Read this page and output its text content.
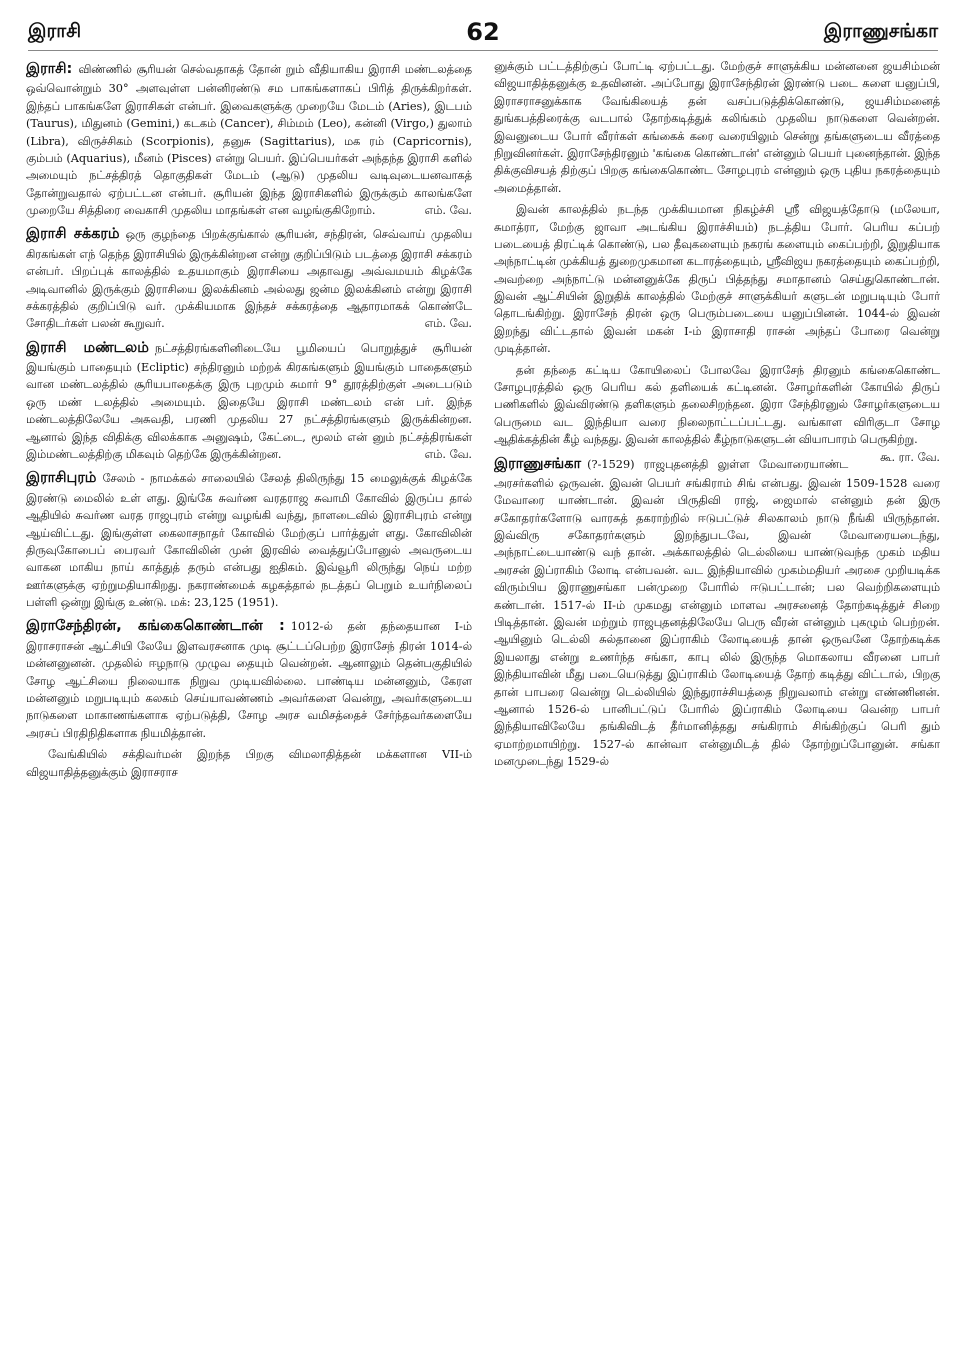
இராசி	62	இராணுசங்கா

இராசி: விண்ணில் சூரியன் செல்வதாகத் தோன் றும் வீதியாகிய இராசி மண்டலத்தை ஒவ்வொன்றும் 30° அளவுள்ள பன்னிரண்டு சம பாகங்களாகப் பிரித் திருக்கிறர்கள். இந்தப் பாகங்களே இராசிகள் என்பர். இவைகளுக்கு முறையே மேடம் (Aries), இடபம் (Taurus), மிதுனம் (Gemini,) கடகம் (Cancer), சிம்மம் (Leo), கன்னி (Virgo,) துலாம் (Libra), விருச்சிகம் (Scorpionis), தனுசு (Sagittarius), மக ரம் (Capricornis), கும்பம் (Aquarius), மீனம் (Pisces) என்று பெயர். இப்பெயர்கள் அந்தந்த இராசி களில் அமையும் நட்சத்திரத் தொகுதிகள் மேடம் (ஆடு) முதலிய வடிவுடையனவாகத் தோன்றுவதால் ஏற்பட்டன என்பர். சூரியன் இந்த இராசிகளில் இருக்கும் காலங்களே முறையே சித்திரை வைகாசி முதலிய மாதங்கள் என வழங்குகிறோம்.	எம். வே.

இராசி சக்கரம் ஒரு குழந்தை பிறக்குங்கால் சூரியன், சந்திரன், செவ்வாய் முதலிய கிரகங்கள் எந் தெந்த இராசியில் இருக்கின்றன என்று குறிப்பிடும் படத்தை இராசி சக்கரம் என்பர். பிறப்புக் காலத்தில் உதயமாகும் இராசியை அதாவது அவ்வமயம் கிழக்கே அடிவானில் இருக்கும் இராசியை இலக்கினம் அல்லது ஜன்ம இலக்கினம் என்று இராசி சக்கரத்தில் குறிப்பிடு வர். முக்கியமாக இந்தச் சக்கரத்தை ஆதாரமாகக் கொண்டே சோதிடர்கள் பலன் கூறுவர்.	எம். வே.

இராசி மண்டலம் நட்சத்திரங்களினிடையே பூமியைப் பொறுத்துச் சூரியன் இயங்கும் பாதையும் (Ecliptic) சந்திரனும் மற்றக் கிரகங்களும் இயங்கும் பாதைகளும் வான மண்டலத்தில் சூரியபாதைக்கு இரு புறமும் சுமார் 9° தூரத்திற்குள் அடைபடும் ஒரு மண் டலத்தில் அமையும். இதையே இராசி மண்டலம் என் பர். இந்த மண்டலத்திலேயே அசுவதி, பரணி முதலிய 27 நட்சத்திரங்களும் இருக்கின்றன. ஆனால் இந்த விதிக்கு விலக்காக அனுஷம், கேட்டை, மூலம் என் னும் நட்சத்திரங்கள் இம்மண்டலத்திற்கு மிகவும் தெற்கே இருக்கின்றன.	எம். வே.

இராசிபுரம் சேலம் - நாமக்கல் சாலையில் சேலத் திலிருந்து 15 மைலுக்குக் கிழக்கே இரண்டு மைலில் உள் ளது. இங்கே சுவர்ண வரதராஜ சுவாமி கோவில் இருப்ப தால் ஆதியில் சுவர்ண வரத ராஜபுரம் என்று வழங்கி வந்து, நாளடைவில் இராசிபுரம் என்று ஆய்விட்டது. இங்குள்ள கைலாசநாதர் கோவில் மேற்குப் பார்த்துள் ளது. கோவிலின் திருவுகோபைப் பைரவர் கோவிலின் முன் இரவில் வைத்துப்போனுல் அவருடைய வாகன மாகிய நாய் காத்துத் தரும் என்பது ஐதிகம். இவ்வூரி லிருந்து நெய் மற்ற ஊர்களுக்கு ஏற்றுமதியாகிறது. நகராண்மைக் கழகத்தால் நடத்தப் பெறும் உயர்நிலைப் பள்ளி ஒன்று இங்கு உண்டு. மக்: 23,125 (1951).

இராசேந்திரன், கங்கைகொண்டான் : 1012-ல் தன் தந்தையான I-ம் இராசராசன் ஆட்சியி லேயே இளவரசனாக முடி சூட்டப்பெற்ற இராசேந் திரன் 1014-ல் மன்னனுனன். முதலில் ஈழநாடு முழுவ தையும் வென்றன். ஆனாலும் தென்பகுதியில் சோழ ஆட்சியை நிலையாக நிறுவ முடியவில்லை. பாண்டிய மன்னனும், கேரள மன்னனும் மறுபடியும் கலகம் செய்யாவண்ணம் அவர்களை வென்று, அவர்களுடைய நாடுகளை மாகாணங்களாக ஏற்படுத்தி, சோழ அரச வமிசத்தைச் சேர்ந்தவர்களையே அரசப் பிரதிநிதிகளாக நியமித்தான்.

வேங்கியில் சக்திவர்மன் இறந்த பிறகு விமலாதித்தன் மக்களான VII-ம் விஜயாதித்தனுக்கும் இராசராச

னுக்கும் பட்டத்திற்குப் போட்டி ஏற்பட்டது. மேற்குச் சாளுக்கிய மன்னனை ஜயசிம்மன் விஜயாதித்தனுக்கு உதவினன். அப்போது இராசேந்திரன் இரண்டு படை களை யனுப்பி, இராசராசனுக்காக வேங்கியைத் தன் வசப்படுத்திக்கொண்டு, ஜயசிம்மனைத் துங்கபத்திரைக்கு வடபால் தோற்கடித்துக் கலிங்கம் முதலிய நாடுகளை வென்றன். இவனுடைய போர் வீரர்கள் கங்கைக் கரை வரையிலும் சென்று தங்களுடைய வீரத்தை நிறுவினர்கள். இராசேந்திரனும் 'கங்கை கொண்டான்' என்னும் பெயர் புனைந்தான். இந்த திக்குவிசயத் திற்குப் பிறகு கங்கைகொண்ட சோழபுரம் என்னும் ஒரு புதிய நகரத்தையும் அமைத்தான்.

இவன் காலத்தில் நடந்த முக்கியமான நிகழ்ச்சி ஸ்ரீ விஜயத்தோடு (மலேயா, சுமாத்ரா, மேற்கு ஜாவா அடங்கிய இராச்சியம்) நடத்திய போர். பெரிய கப்பற் படையைத் திரட்டிக் கொண்டு, பல தீவுகளையும் நகரங் களையும் கைப்பற்றி, இறுதியாக அந்நாட்டின் முக்கியத் துறைமுகமான கடாரத்தையும், ஸ்ரீவிஜய நகரத்தையும் கைப்பற்றி, அவற்றை அந்நாட்டு மன்னனுக்கே திருப் பித்தந்து சமாதானம் செய்துகொண்டான். இவன் ஆட்சியின் இறுதிக் காலத்தில் மேற்குச் சாளுக்கியர் களுடன் மறுபடியும் போர் தொடங்கிற்று. இராசேந் திரன் ஒரு பெரும்படையை யனுப்பினன். 1044-ல் இவன் இறந்து விட்டதால் இவன் மகன் I-ம் இராசாதி ராசன் அந்தப் போரை வென்று முடித்தான்.

தன் தந்தை கட்டிய கோயிலைப் போலவே இராசேந் திரனும் கங்கைகொண்ட சோழபுரத்தில் ஒரு பெரிய கல் தளியைக் கட்டினன். சோழர்களின் கோயில் திருப் பணிகளில் இவ்விரண்டு தளிகளும் தலைசிறந்தன. இரா சேந்திரனுல் சோழர்களுடைய பெருமை வட இந்தியா வரை நிலைநாட்டப்பட்டது. வங்காள விரிகுடா சோழ ஆதிக்கத்தின் கீழ் வந்தது. இவன் காலத்தில் கீழ்நாடுகளுடன் வியாபாரம் பெருகிற்று.
கூ. ரா. வே.

இராணுசங்கா (?-1529) ராஜபுதனத்தி லுள்ள மேவாரையாண்ட அரசர்களில் ஒருவன். இவன் பெயர் சங்கிராம் சிங் என்பது. இவன் 1509-1528 வரை மேவாரை யாண்டான். இவன் பிருதிவி ராஜ், ஜைமால் என்னும் தன் இரு சகோதரர்களோடு வாரசுத் தகராற்றில் ஈடுபட்டுச் சிலகாலம் நாடு நீங்கி யிருந்தான். இவ்விரு சகோதரர்களும் இறந்துபடவே, இவன் மேவாரையடைந்து, அந்நாட்டையாண்டு வந் தான். அக்காலத்தில் டெல்லியை யாண்டுவந்த முகம் மதிய அரசன் இப்ராகிம் லோடி என்பவன். வட இந்தியாவில் முகம்மதியர் அரசை முறியடிக்க விரும்பிய இராணுசங்கா பன்முறை போரில் ஈடுபட்டான்; பல வெற்றிகளையும் கண்டான். 1517-ல் II-ம் முகமது என்னும் மாளவ அரசனைத் தோற்கடித்துச் சிறை பிடித்தான். இவன் மற்றும் ராஜபுதனத்திலேயே பெரு வீரன் என்னும் புகழும் பெற்றன். ஆயினும் டெல்லி சுல்தானை இப்ராகிம் லோடியைத் தான் ஒருவனே தோற்கடிக்க இயலாது என்று உணர்ந்த சங்கா, காபு லில் இருந்த மொகலாய வீரனை பாபர் இந்தியாவின் மீது படையெடுத்து இப்ராகிம் லோடியைத் தோற் கடித்து விட்டால், பிறகு தான் பாபரை வென்று டெல்லியில் இந்துராச்சியத்தை நிறுவலாம் என்று எண்ணினன். ஆனால் 1526-ல் பானிபட்டுப் போரில் இப்ராகிம் லோடியை வென்ற பாபர் இந்தியாவிலேயே தங்கிவிடத் தீர்மானித்தது சங்கிராம் சிங்கிற்குப் பெரி தும் ஏமாற்றமாயிற்று. 1527-ல் கான்வா என்னுமிடத் தில் தோற்றுப்போனுன். சங்கா மனமுடைந்து 1529-ல்
